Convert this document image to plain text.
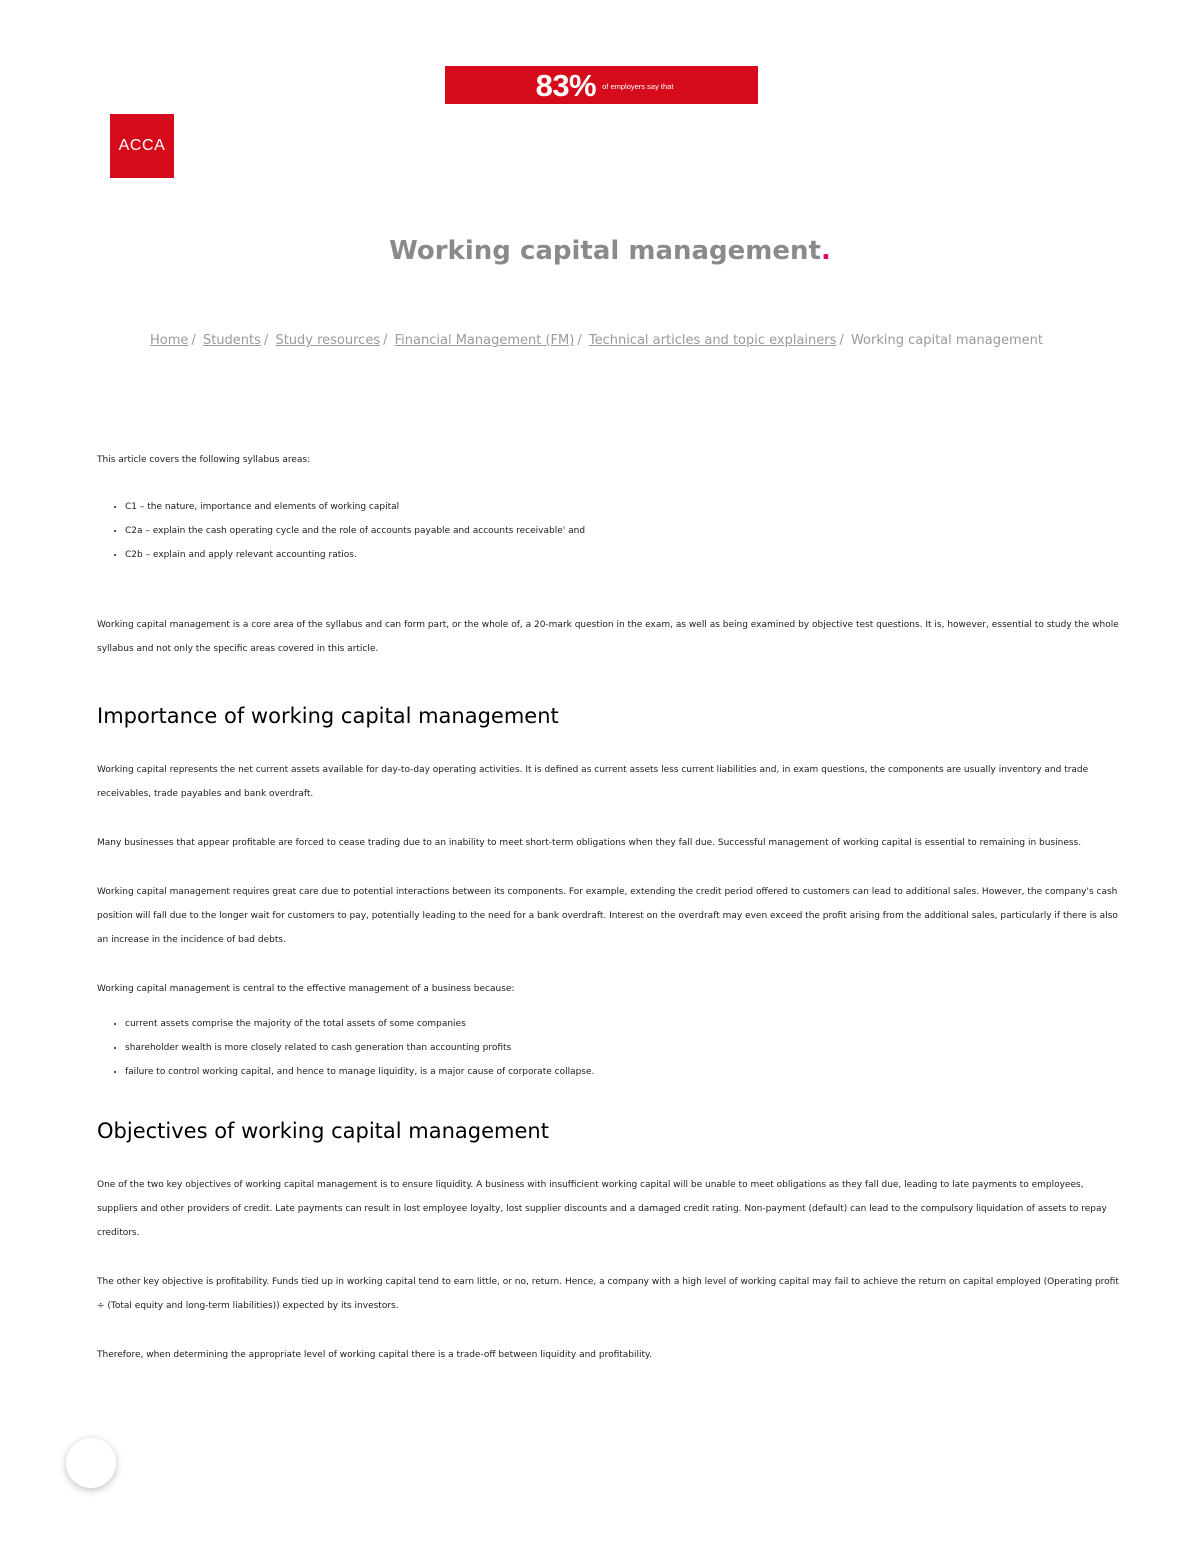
83% of employers say that
ACCA
Working capital management.
Home / Students / Study resources / Financial Management (FM) / Technical articles and topic explainers / Working capital management

This article covers the following syllabus areas:

• C1 – the nature, importance and elements of working capital
• C2a – explain the cash operating cycle and the role of accounts payable and accounts receivable' and
• C2b – explain and apply relevant accounting ratios.

Working capital management is a core area of the syllabus and can form part, or the whole of, a 20-mark question in the exam, as well as being examined by objective test questions. It is, however, essential to study the whole syllabus and not only the specific areas covered in this article.

Importance of working capital management

Working capital represents the net current assets available for day-to-day operating activities. It is defined as current assets less current liabilities and, in exam questions, the components are usually inventory and trade receivables, trade payables and bank overdraft.

Many businesses that appear profitable are forced to cease trading due to an inability to meet short-term obligations when they fall due. Successful management of working capital is essential to remaining in business.

Working capital management requires great care due to potential interactions between its components. For example, extending the credit period offered to customers can lead to additional sales. However, the company's cash position will fall due to the longer wait for customers to pay, potentially leading to the need for a bank overdraft. Interest on the overdraft may even exceed the profit arising from the additional sales, particularly if there is also an increase in the incidence of bad debts.

Working capital management is central to the effective management of a business because:

• current assets comprise the majority of the total assets of some companies
• shareholder wealth is more closely related to cash generation than accounting profits
• failure to control working capital, and hence to manage liquidity, is a major cause of corporate collapse.
Objectives of working capital management

One of the two key objectives of working capital management is to ensure liquidity. A business with insufficient working capital will be unable to meet obligations as they fall due, leading to late payments to employees, suppliers and other providers of credit. Late payments can result in lost employee loyalty, lost supplier discounts and a damaged credit rating. Non-payment (default) can lead to the compulsory liquidation of assets to repay creditors.

The other key objective is profitability. Funds tied up in working capital tend to earn little, or no, return. Hence, a company with a high level of working capital may fail to achieve the return on capital employed (Operating profit ÷ (Total equity and long-term liabilities)) expected by its investors.

Therefore, when determining the appropriate level of working capital there is a trade-off between liquidity and profitability.
